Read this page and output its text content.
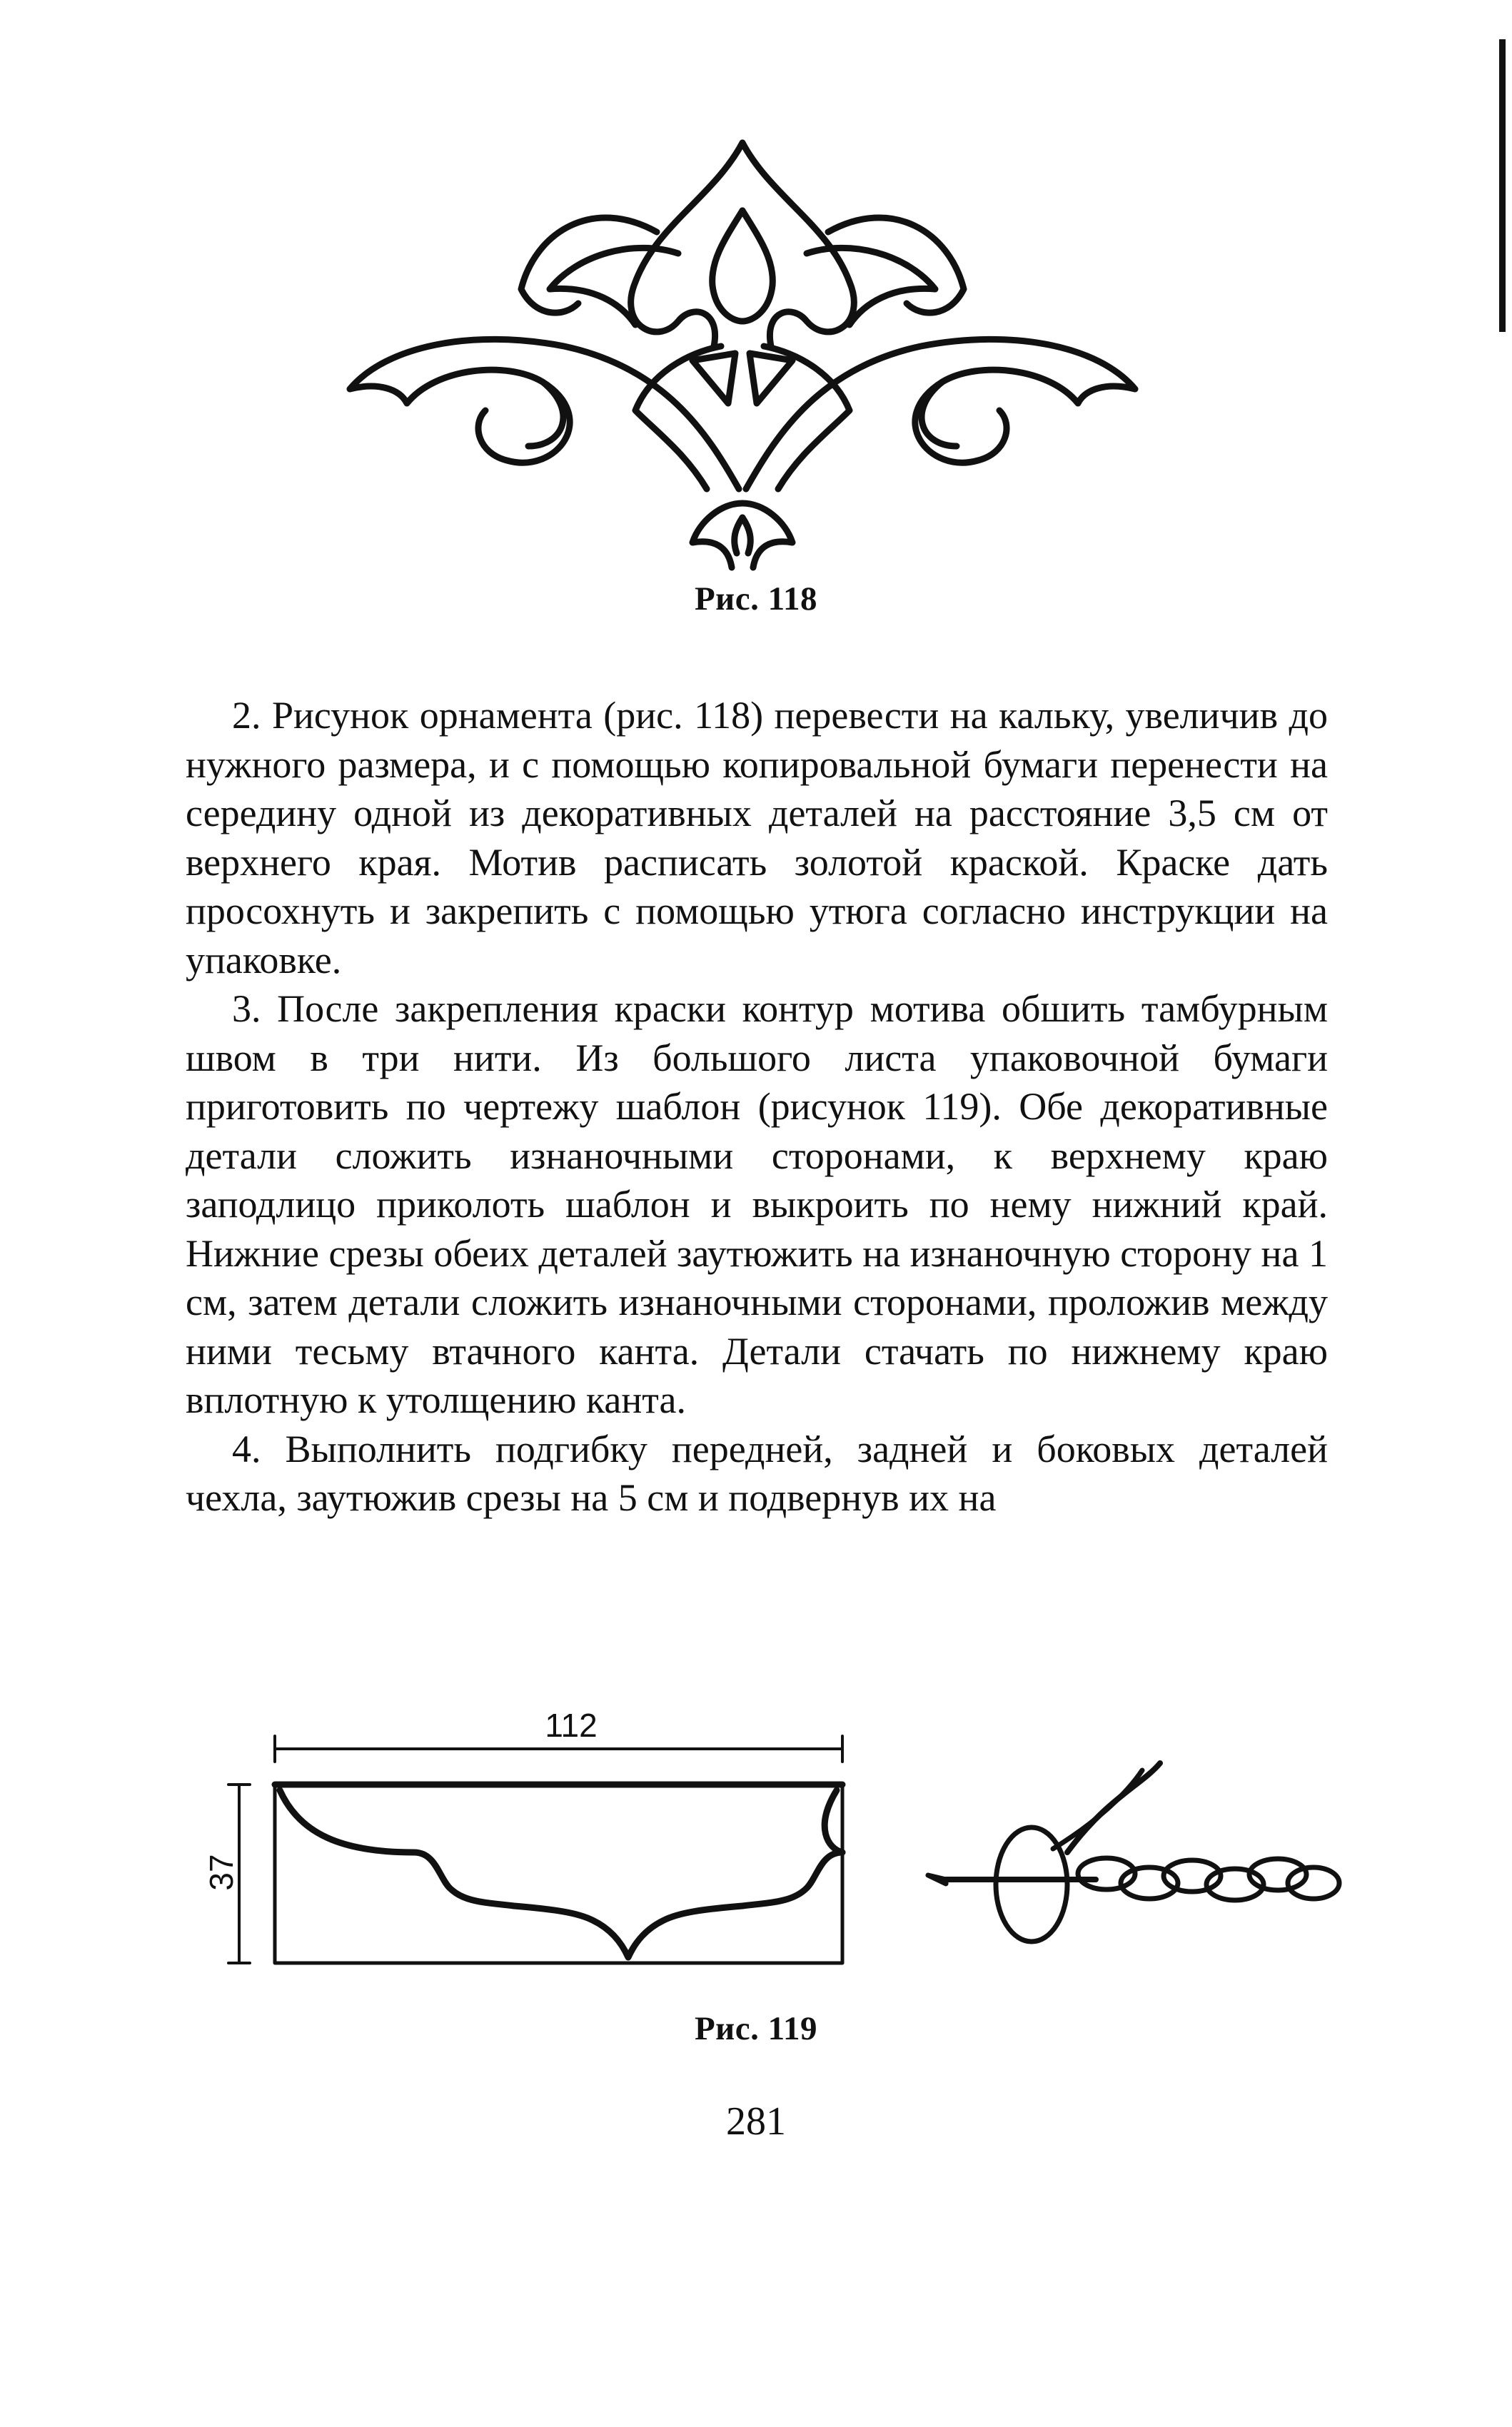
Рис. 118

2. Рисунок орнамента (рис. 118) перевести на кальку, увеличив до нужного размера, и с помощью копировальной бумаги перенести на середину одной из декоративных деталей на расстояние 3,5 см от верхнего края. Мотив расписать золотой краской. Краске дать просохнуть и закрепить с помощью утюга согласно инструкции на упаковке.

3. После закрепления краски контур мотива обшить тамбурным швом в три нити. Из большого листа упаковочной бумаги приготовить по чертежу шаблон (рисунок 119). Обе декоративные детали сложить изнаночными сторонами, к верхнему краю заподлицо приколоть шаблон и выкроить по нему нижний край. Нижние срезы обеих деталей заутюжить на изнаночную сторону на 1 см, затем детали сложить изнаночными сторонами, проложив между ними тесьму втачного канта. Детали стачать по нижнему краю вплотную к утолщению канта.

4. Выполнить подгибку передней, задней и боковых деталей чехла, заутюжив срезы на 5 см и подвернув их на

112
37
Рис. 119
281
